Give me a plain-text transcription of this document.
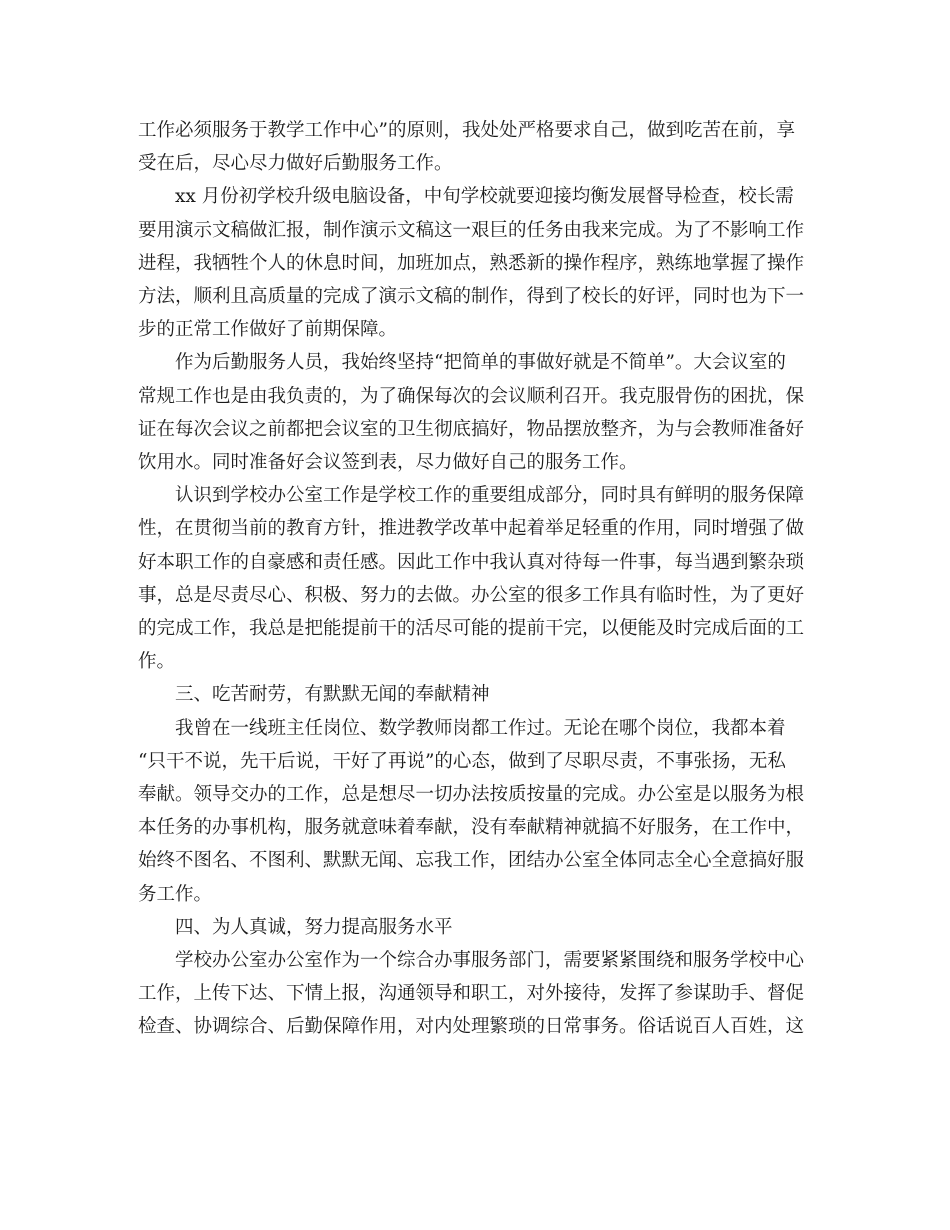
工作必须服务于教学工作中心”的原则，我处处严格要求自己，做到吃苦在前，享
受在后，尽心尽力做好后勤服务工作。

xx 月份初学校升级电脑设备，中旬学校就要迎接均衡发展督导检查，校长需
要用演示文稿做汇报，制作演示文稿这一艰巨的任务由我来完成。为了不影响工作
进程，我牺牲个人的休息时间，加班加点，熟悉新的操作程序，熟练地掌握了操作
方法，顺利且高质量的完成了演示文稿的制作，得到了校长的好评，同时也为下一
步的正常工作做好了前期保障。

作为后勤服务人员，我始终坚持“把简单的事做好就是不简单”。大会议室的
常规工作也是由我负责的，为了确保每次的会议顺利召开。我克服骨伤的困扰，保
证在每次会议之前都把会议室的卫生彻底搞好，物品摆放整齐，为与会教师准备好
饮用水。同时准备好会议签到表，尽力做好自己的服务工作。

认识到学校办公室工作是学校工作的重要组成部分，同时具有鲜明的服务保障
性，在贯彻当前的教育方针，推进教学改革中起着举足轻重的作用，同时增强了做
好本职工作的自豪感和责任感。因此工作中我认真对待每一件事，每当遇到繁杂琐
事，总是尽责尽心、积极、努力的去做。办公室的很多工作具有临时性，为了更好
的完成工作，我总是把能提前干的活尽可能的提前干完，以便能及时完成后面的工
作。

三、吃苦耐劳，有默默无闻的奉献精神

我曾在一线班主任岗位、数学教师岗都工作过。无论在哪个岗位，我都本着
“只干不说，先干后说，干好了再说”的心态，做到了尽职尽责，不事张扬，无私
奉献。领导交办的工作，总是想尽一切办法按质按量的完成。办公室是以服务为根
本任务的办事机构，服务就意味着奉献，没有奉献精神就搞不好服务，在工作中，
始终不图名、不图利、默默无闻、忘我工作，团结办公室全体同志全心全意搞好服
务工作。

四、为人真诚，努力提高服务水平

学校办公室办公室作为一个综合办事服务部门，需要紧紧围绕和服务学校中心
工作，上传下达、下情上报，沟通领导和职工，对外接待，发挥了参谋助手、督促
检查、协调综合、后勤保障作用，对内处理繁琐的日常事务。俗话说百人百姓，这
